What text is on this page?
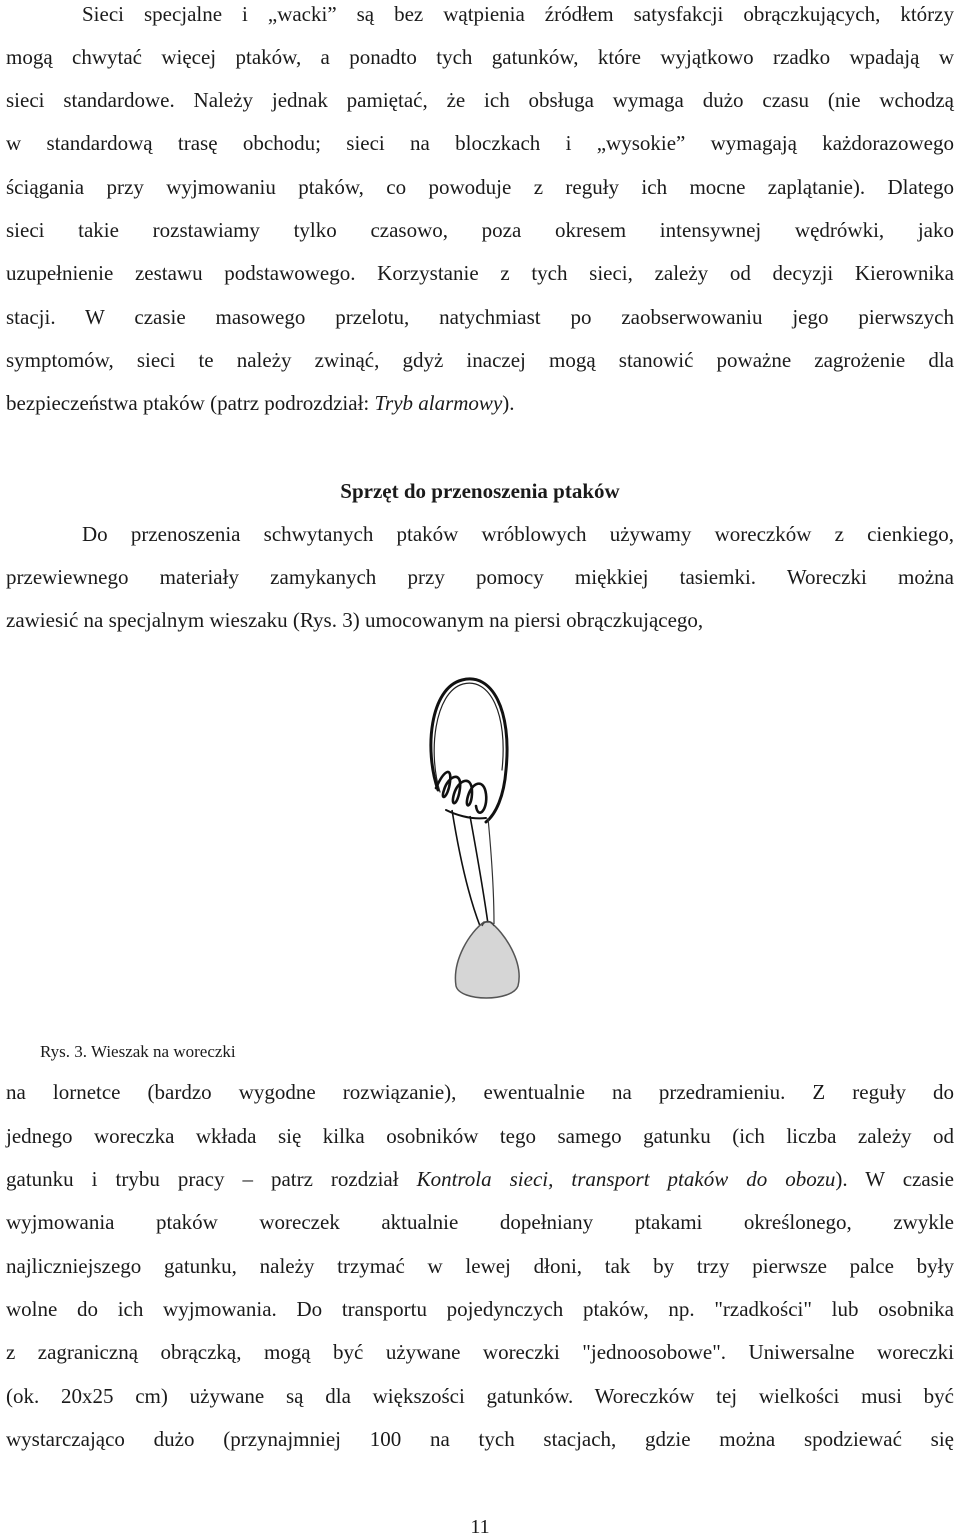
Sieci specjalne i „wacki” są bez wątpienia źródłem satysfakcji obrączkujących, którzy
mogą chwytać więcej ptaków, a ponadto tych gatunków, które wyjątkowo rzadko wpadają w
sieci standardowe. Należy jednak pamiętać, że ich obsługa wymaga dużo czasu (nie wchodzą
w standardową trasę obchodu; sieci na bloczkach i „wysokie” wymagają każdorazowego
ściągania przy wyjmowaniu ptaków, co powoduje z reguły ich mocne zaplątanie). Dlatego
sieci takie rozstawiamy tylko czasowo, poza okresem intensywnej wędrówki, jako
uzupełnienie zestawu podstawowego. Korzystanie z tych sieci, zależy od decyzji Kierownika
stacji. W czasie masowego przelotu, natychmiast po zaobserwowaniu jego pierwszych
symptomów, sieci te należy zwinąć, gdyż inaczej mogą stanowić poważne zagrożenie dla
bezpieczeństwa ptaków (patrz podrozdział: Tryb alarmowy).
Sprzęt do przenoszenia ptaków
Do przenoszenia schwytanych ptaków wróblowych używamy woreczków z cienkiego,
przewiewnego materiały zamykanych przy pomocy miękkiej tasiemki. Woreczki można
zawiesić na specjalnym wieszaku (Rys. 3) umocowanym na piersi obrączkującego,
Rys. 3. Wieszak na woreczki
na lornetce (bardzo wygodne rozwiązanie), ewentualnie na przedramieniu. Z reguły do
jednego woreczka wkłada się kilka osobników tego samego gatunku (ich liczba zależy od
gatunku i trybu pracy – patrz rozdział Kontrola sieci, transport ptaków do obozu). W czasie
wyjmowania ptaków woreczek aktualnie dopełniany ptakami określonego, zwykle
najliczniejszego gatunku, należy trzymać w lewej dłoni, tak by trzy pierwsze palce były
wolne do ich wyjmowania. Do transportu pojedynczych ptaków, np. "rzadkości" lub osobnika
z zagraniczną obrączką, mogą być używane woreczki "jednoosobowe". Uniwersalne woreczki
(ok. 20x25 cm) używane są dla większości gatunków. Woreczków tej wielkości musi być
wystarczająco dużo (przynajmniej 100 na tych stacjach, gdzie można spodziewać się
11
